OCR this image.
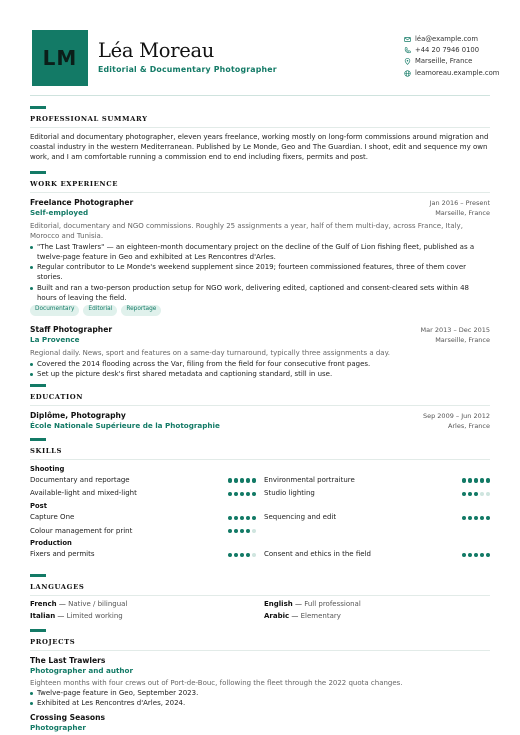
LM	Léa Moreau
Editorial & Documentary Photographer
léa@example.com
+44 20 7946 0100
Marseille, France
leamoreau.example.com
PROFESSIONAL SUMMARY
Editorial and documentary photographer, eleven years freelance, working mostly on long-form commissions around migration and coastal industry in the western Mediterranean. Published by Le Monde, Geo and The Guardian. I shoot, edit and sequence my own work, and I am comfortable running a commission end to end including fixers, permits and post.
WORK EXPERIENCE
Freelance Photographer	Jan 2016 – Present
Self-employed	Marseille, France
Editorial, documentary and NGO commissions. Roughly 25 assignments a year, half of them multi-day, across France, Italy, Morocco and Tunisia.
"The Last Trawlers" — an eighteen-month documentary project on the decline of the Gulf of Lion fishing fleet, published as a twelve-page feature in Geo and exhibited at Les Rencontres d'Arles.
Regular contributor to Le Monde's weekend supplement since 2019; fourteen commissioned features, three of them cover stories.
Built and ran a two-person production setup for NGO work, delivering edited, captioned and consent-cleared sets within 48 hours of leaving the field.
Documentary	Editorial	Reportage
Staff Photographer	Mar 2013 – Dec 2015
La Provence	Marseille, France
Regional daily. News, sport and features on a same-day turnaround, typically three assignments a day.
Covered the 2014 flooding across the Var, filing from the field for four consecutive front pages.
Set up the picture desk's first shared metadata and captioning standard, still in use.
EDUCATION
Diplôme, Photography	Sep 2009 – Jun 2012
École Nationale Supérieure de la Photographie	Arles, France
SKILLS
Shooting
Documentary and reportage	Environmental portraiture
Available-light and mixed-light	Studio lighting
Post
Capture One	Sequencing and edit
Colour management for print
Production
Fixers and permits	Consent and ethics in the field
LANGUAGES
French — Native / bilingual	English — Full professional
Italian — Limited working	Arabic — Elementary
PROJECTS
The Last Trawlers
Photographer and author
Eighteen months with four crews out of Port-de-Bouc, following the fleet through the 2022 quota changes.
Twelve-page feature in Geo, September 2023.
Exhibited at Les Rencontres d'Arles, 2024.
Crossing Seasons
Photographer
